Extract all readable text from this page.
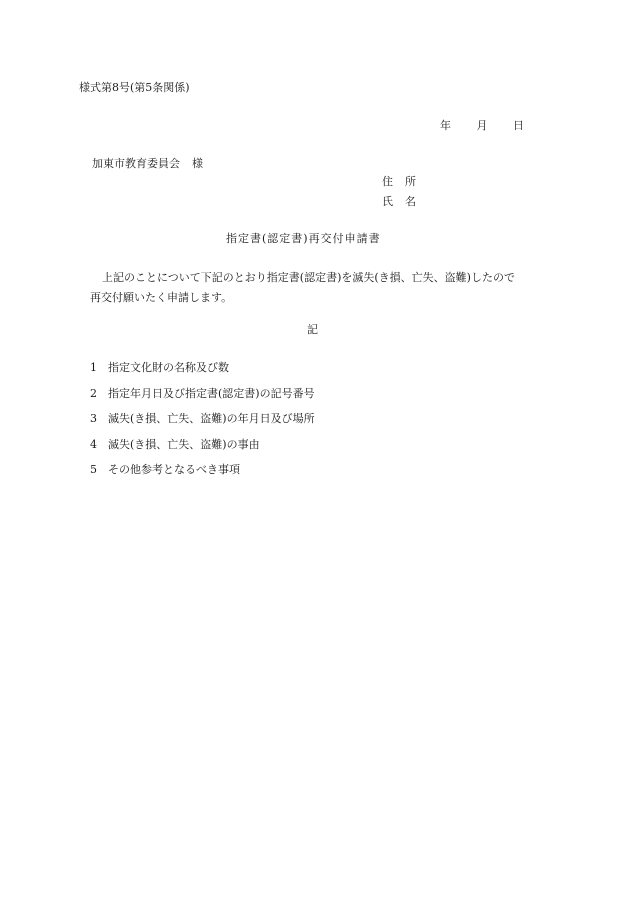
様式第8号(第5条関係)
年 月 日
加東市教育委員会 様
住 所
氏 名
指定書(認定書)再交付申請書
上記のことについて下記のとおり指定書(認定書)を滅失(き損、亡失、盗難)したので
再交付願いたく申請します。
記
1 指定文化財の名称及び数
2 指定年月日及び指定書(認定書)の記号番号
3 滅失(き損、亡失、盗難)の年月日及び場所
4 滅失(き損、亡失、盗難)の事由
5 その他参考となるべき事項
